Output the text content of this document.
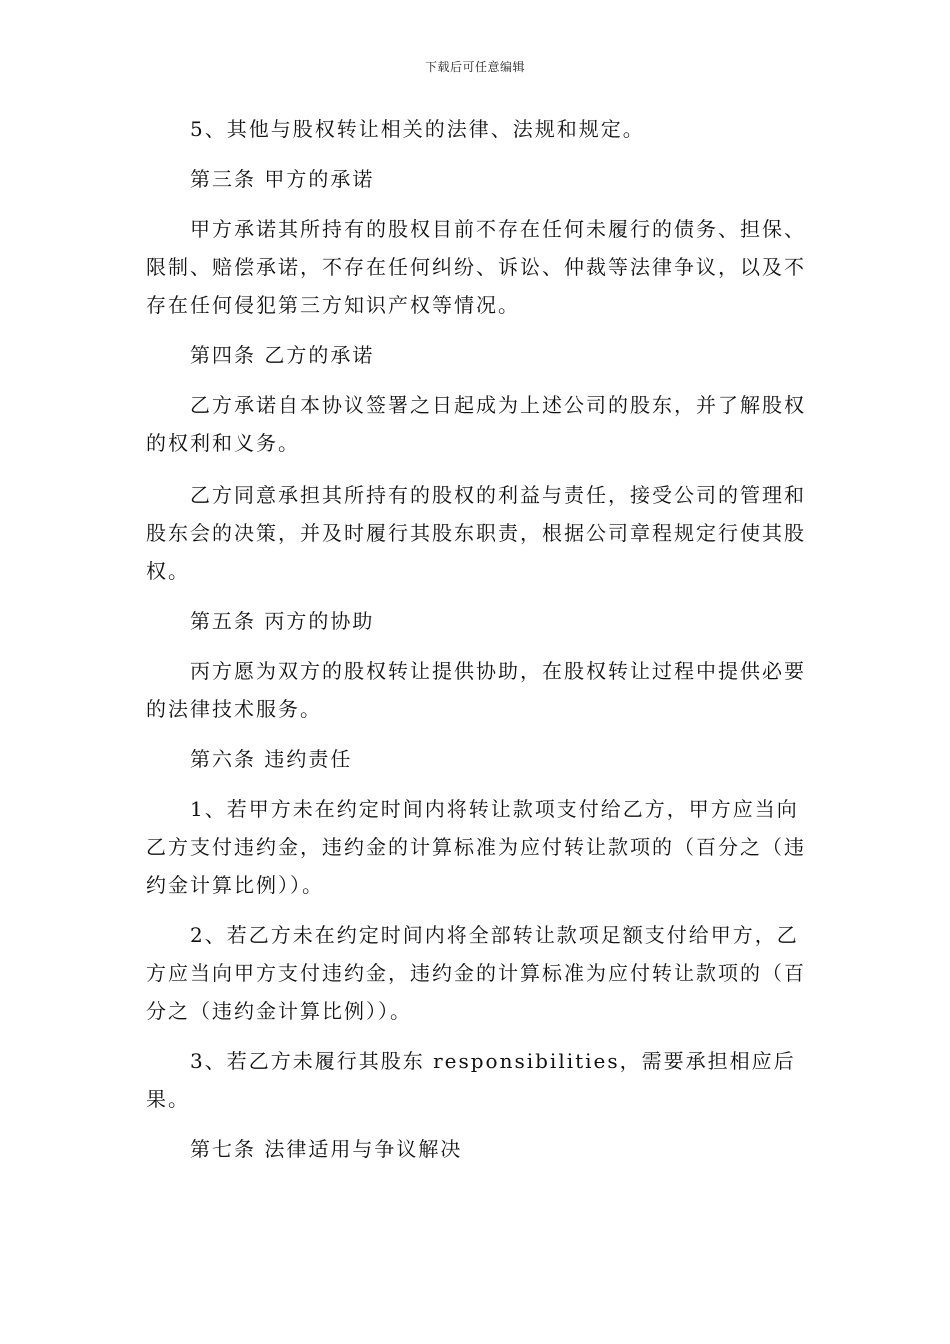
下载后可任意编辑

5、其他与股权转让相关的法律、法规和规定。

第三条 甲方的承诺

甲方承诺其所持有的股权目前不存在任何未履行的债务、担保、限制、赔偿承诺，不存在任何纠纷、诉讼、仲裁等法律争议，以及不存在任何侵犯第三方知识产权等情况。

第四条 乙方的承诺

乙方承诺自本协议签署之日起成为上述公司的股东，并了解股权的权利和义务。

乙方同意承担其所持有的股权的利益与责任，接受公司的管理和股东会的决策，并及时履行其股东职责，根据公司章程规定行使其股权。

第五条 丙方的协助

丙方愿为双方的股权转让提供协助，在股权转让过程中提供必要的法律技术服务。

第六条 违约责任

1、若甲方未在约定时间内将转让款项支付给乙方，甲方应当向乙方支付违约金，违约金的计算标准为应付转让款项的（百分之（违约金计算比例））。

2、若乙方未在约定时间内将全部转让款项足额支付给甲方，乙方应当向甲方支付违约金，违约金的计算标准为应付转让款项的（百分之（违约金计算比例））。

3、若乙方未履行其股东 responsibilities，需要承担相应后果。

第七条 法律适用与争议解决
